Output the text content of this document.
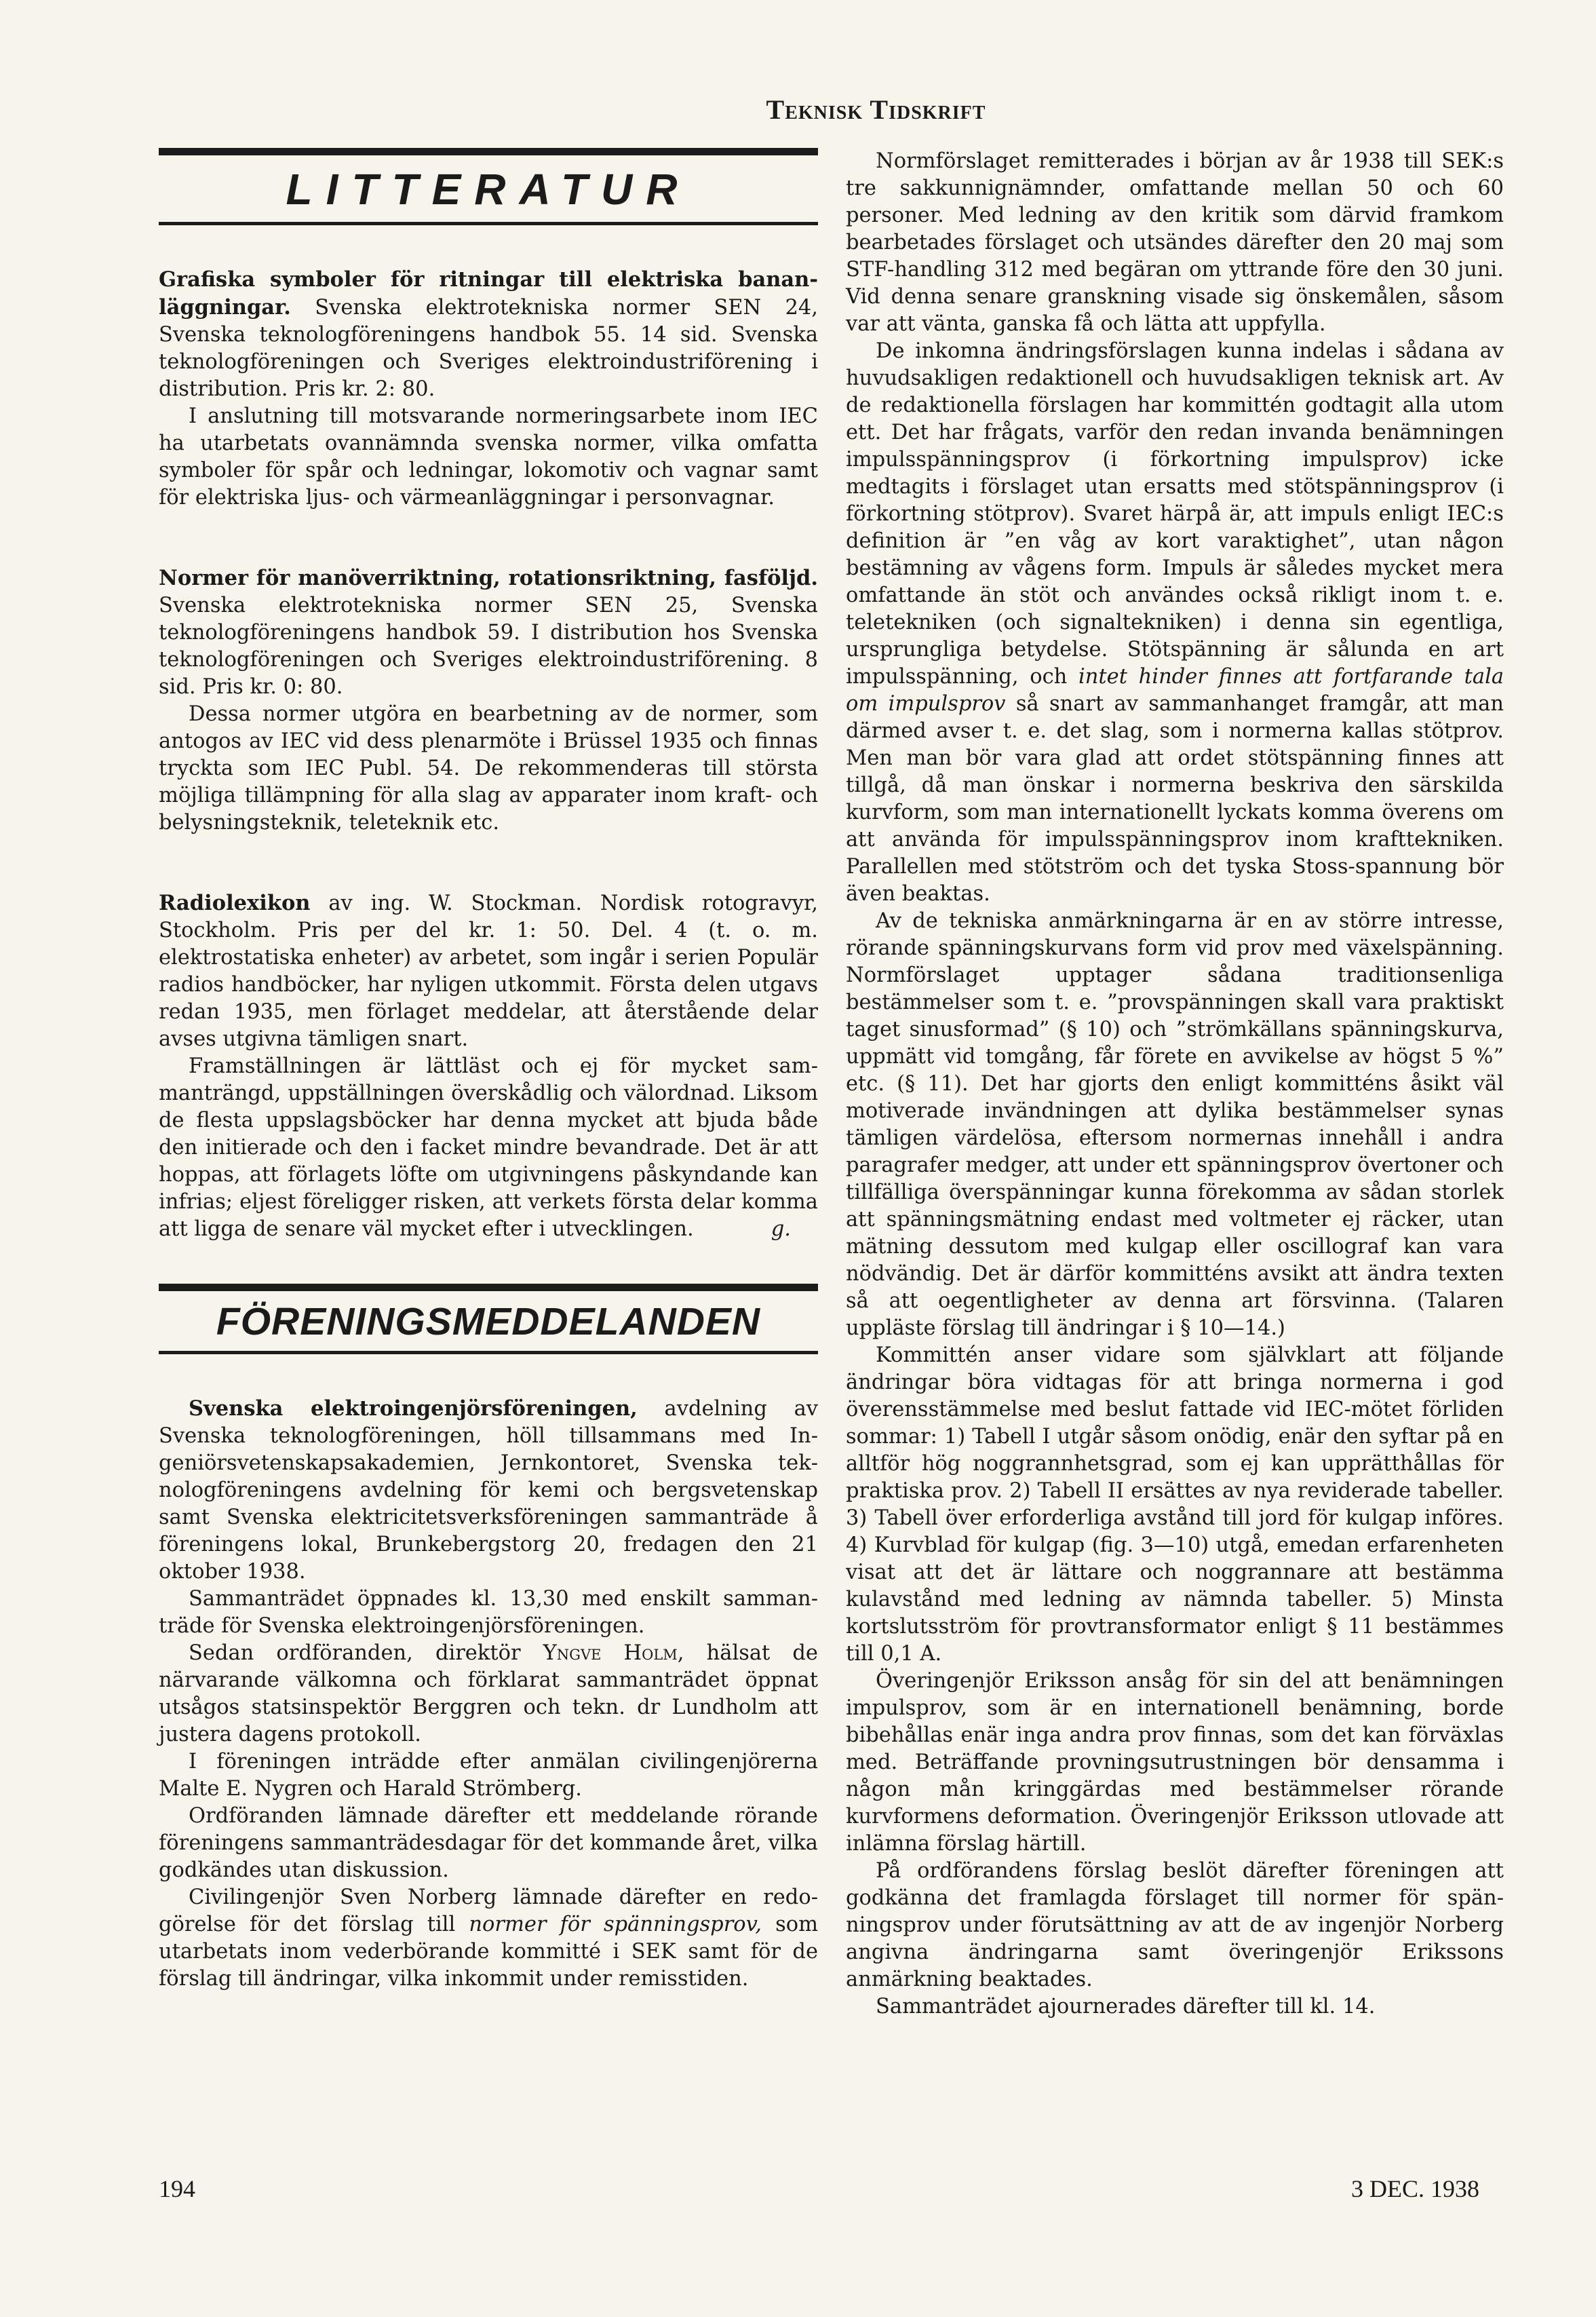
Teknisk Tidskrift
LITTERATUR

Grafiska symboler för ritningar till elektriska bananläggningar. Svenska elektrotekniska normer SEN 24, Svenska teknologföreningens handbok 55. 14 sid. Svenska teknologföreningen och Sveriges elektroindustriförening i distribution. Pris kr. 2: 80.

I anslutning till motsvarande normeringsarbete inom IEC ha utarbetats ovannämnda svenska normer, vilka omfatta symboler för spår och ledningar, lokomotiv och vagnar samt för elektriska ljus- och värmeanläggningar i personvagnar.

Normer för manöverriktning, rotationsriktning, fasföljd. Svenska elektrotekniska normer SEN 25, Svenska teknologföreningens handbok 59. I distribution hos Svenska teknologföreningen och Sveriges elektroindustriförening. 8 sid. Pris kr. 0: 80.

Dessa normer utgöra en bearbetning av de normer, som antogos av IEC vid dess plenarmöte i Brüssel 1935 och finnas tryckta som IEC Publ. 54. De rekommenderas till största möjliga tillämpning för alla slag av apparater inom kraft- och belysningsteknik, teleteknik etc.

Radiolexikon av ing. W. Stockman. Nordisk rotogravyr, Stockholm. Pris per del kr. 1: 50. Del. 4 (t. o. m. elektrostatiska enheter) av arbetet, som ingår i serien Populär radios handböcker, har nyligen utkommit. Första delen utgavs redan 1935, men förlaget meddelar, att återstående delar avses utgivna tämligen snart.

Framställningen är lättläst och ej för mycket sammanträngd, uppställningen överskådlig och välordnad. Liksom de flesta uppslagsböcker har denna mycket att bjuda både den initierade och den i facket mindre bevandrade. Det är att hoppas, att förlagets löfte om utgivningens påskyndande kan infrias; eljest föreligger risken, att verkets första delar komma att ligga de senare väl mycket efter i utvecklingen.	g.

FÖRENINGSMEDDELANDEN

Svenska elektroingenjörsföreningen, avdelning av Svenska teknologföreningen, höll tillsammans med Ingeniörsvetenskapsakademien, Jernkontoret, Svenska teknologföreningens avdelning för kemi och bergsvetenskap samt Svenska elektricitetsverksföreningen sammanträde å föreningens lokal, Brunkebergstorg 20, fredagen den 21 oktober 1938.

Sammanträdet öppnades kl. 13,30 med enskilt sammanträde för Svenska elektroingenjörsföreningen.

Sedan ordföranden, direktör Yngve Holm, hälsat de närvarande välkomna och förklarat sammanträdet öppnat utsågos statsinspektör Berggren och tekn. dr Lundholm att justera dagens protokoll.

I föreningen inträdde efter anmälan civilingenjörerna Malte E. Nygren och Harald Strömberg.

Ordföranden lämnade därefter ett meddelande rörande föreningens sammanträdesdagar för det kommande året, vilka godkändes utan diskussion.

Civilingenjör Sven Norberg lämnade därefter en redogörelse för det förslag till normer för spänningsprov, som utarbetats inom vederbörande kommitté i SEK samt för de förslag till ändringar, vilka inkommit under remisstiden.

Normförslaget remitterades i början av år 1938 till SEK:s tre sakkunnignämnder, omfattande mellan 50 och 60 personer. Med ledning av den kritik som därvid framkom bearbetades förslaget och utsändes därefter den 20 maj som STF-handling 312 med begäran om yttrande före den 30 juni. Vid denna senare granskning visade sig önskemålen, såsom var att vänta, ganska få och lätta att uppfylla.

De inkomna ändringsförslagen kunna indelas i sådana av huvudsakligen redaktionell och huvudsakligen teknisk art. Av de redaktionella förslagen har kommittén godtagit alla utom ett. Det har frågats, varför den redan invanda benämningen impulsspänningsprov (i förkortning impulsprov) icke medtagits i förslaget utan ersatts med stötspänningsprov (i förkortning stötprov). Svaret härpå är, att impuls enligt IEC:s definition är ”en våg av kort varaktighet”, utan någon bestämning av vågens form. Impuls är således mycket mera omfattande än stöt och användes också rikligt inom t. e. teletekniken (och signaltekniken) i denna sin egentliga, ursprungliga betydelse. Stötspänning är sålunda en art impulsspänning, och intet hinder finnes att fortfarande tala om impulsprov så snart av sammanhanget framgår, att man därmed avser t. e. det slag, som i normerna kallas stötprov. Men man bör vara glad att ordet stötspänning finnes att tillgå, då man önskar i normerna beskriva den särskilda kurvform, som man internationellt lyckats komma överens om att använda för impulsspänningsprov inom krafttekniken. Parallellen med stötström och det tyska Stoss-spannung bör även beaktas.

Av de tekniska anmärkningarna är en av större intresse, rörande spänningskurvans form vid prov med växelspänning. Normförslaget upptager sådana traditionsenliga bestämmelser som t. e. ”provspänningen skall vara praktiskt taget sinusformad” (§ 10) och ”strömkällans spänningskurva, uppmätt vid tomgång, får förete en avvikelse av högst 5 %” etc. (§ 11). Det har gjorts den enligt kommitténs åsikt väl motiverade invändningen att dylika bestämmelser synas tämligen värdelösa, eftersom normernas innehåll i andra paragrafer medger, att under ett spänningsprov övertoner och tillfälliga överspänningar kunna förekomma av sådan storlek att spänningsmätning endast med voltmeter ej räcker, utan mätning dessutom med kulgap eller oscillograf kan vara nödvändig. Det är därför kommitténs avsikt att ändra texten så att oegentligheter av denna art försvinna. (Talaren uppläste förslag till ändringar i § 10—14.)

Kommittén anser vidare som självklart att följande ändringar böra vidtagas för att bringa normerna i god överensstämmelse med beslut fattade vid IEC-mötet förliden sommar: 1) Tabell I utgår såsom onödig, enär den syftar på en alltför hög noggrannhetsgrad, som ej kan upprätthållas för praktiska prov. 2) Tabell II ersättes av nya reviderade tabeller. 3) Tabell över erforderliga avstånd till jord för kulgap införes. 4) Kurvblad för kulgap (fig. 3—10) utgå, emedan erfarenheten visat att det är lättare och noggrannare att bestämma kulavstånd med ledning av nämnda tabeller. 5) Minsta kortslutsström för provtransformator enligt § 11 bestämmes till 0,1 A.

Överingenjör Eriksson ansåg för sin del att benämningen impulsprov, som är en internationell benämning, borde bibehållas enär inga andra prov finnas, som det kan förväxlas med. Beträffande provningsutrustningen bör densamma i någon mån kringgärdas med bestämmelser rörande kurvformens deformation. Överingenjör Eriksson utlovade att inlämna förslag härtill.

På ordförandens förslag beslöt därefter föreningen att godkänna det framlagda förslaget till normer för spänningsprov under förutsättning av att de av ingenjör Norberg angivna ändringarna samt överingenjör Erikssons anmärkning beaktades.

Sammanträdet ajournerades därefter till kl. 14.

194	3 DEC. 1938
